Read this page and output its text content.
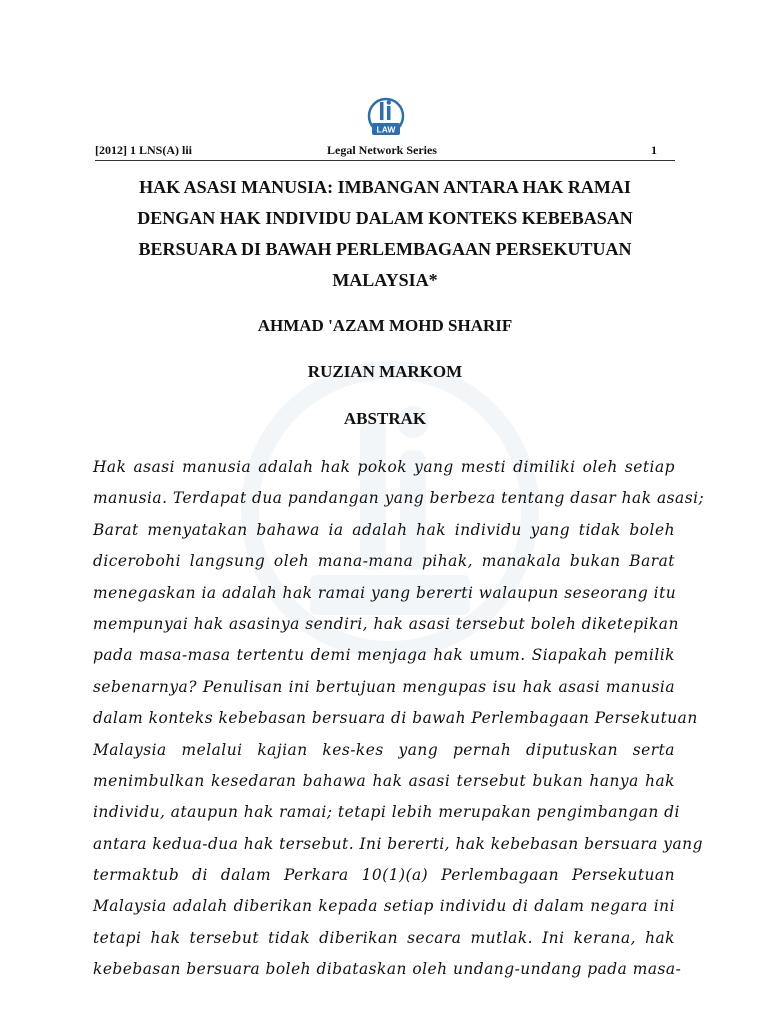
LAW
[2012] 1 LNS(A) lii	Legal Network Series	1
HAK ASASI MANUSIA: IMBANGAN ANTARA HAK RAMAI
DENGAN HAK INDIVIDU DALAM KONTEKS KEBEBASAN
BERSUARA DI BAWAH PERLEMBAGAAN PERSEKUTUAN
MALAYSIA*
AHMAD 'AZAM MOHD SHARIF
RUZIAN MARKOM
ABSTRAK
Hak asasi manusia adalah hak pokok yang mesti dimiliki oleh setiap
manusia. Terdapat dua pandangan yang berbeza tentang dasar hak asasi;
Barat menyatakan bahawa ia adalah hak individu yang tidak boleh
dicerobohi langsung oleh mana-mana pihak, manakala bukan Barat
menegaskan ia adalah hak ramai yang bererti walaupun seseorang itu
mempunyai hak asasinya sendiri, hak asasi tersebut boleh diketepikan
pada masa-masa tertentu demi menjaga hak umum. Siapakah pemilik
sebenarnya? Penulisan ini bertujuan mengupas isu hak asasi manusia
dalam konteks kebebasan bersuara di bawah Perlembagaan Persekutuan
Malaysia melalui kajian kes-kes yang pernah diputuskan serta
menimbulkan kesedaran bahawa hak asasi tersebut bukan hanya hak
individu, ataupun hak ramai; tetapi lebih merupakan pengimbangan di
antara kedua-dua hak tersebut. Ini bererti, hak kebebasan bersuara yang
termaktub di dalam Perkara 10(1)(a) Perlembagaan Persekutuan
Malaysia adalah diberikan kepada setiap individu di dalam negara ini
tetapi hak tersebut tidak diberikan secara mutlak. Ini kerana, hak
kebebasan bersuara boleh dibataskan oleh undang-undang pada masa-
